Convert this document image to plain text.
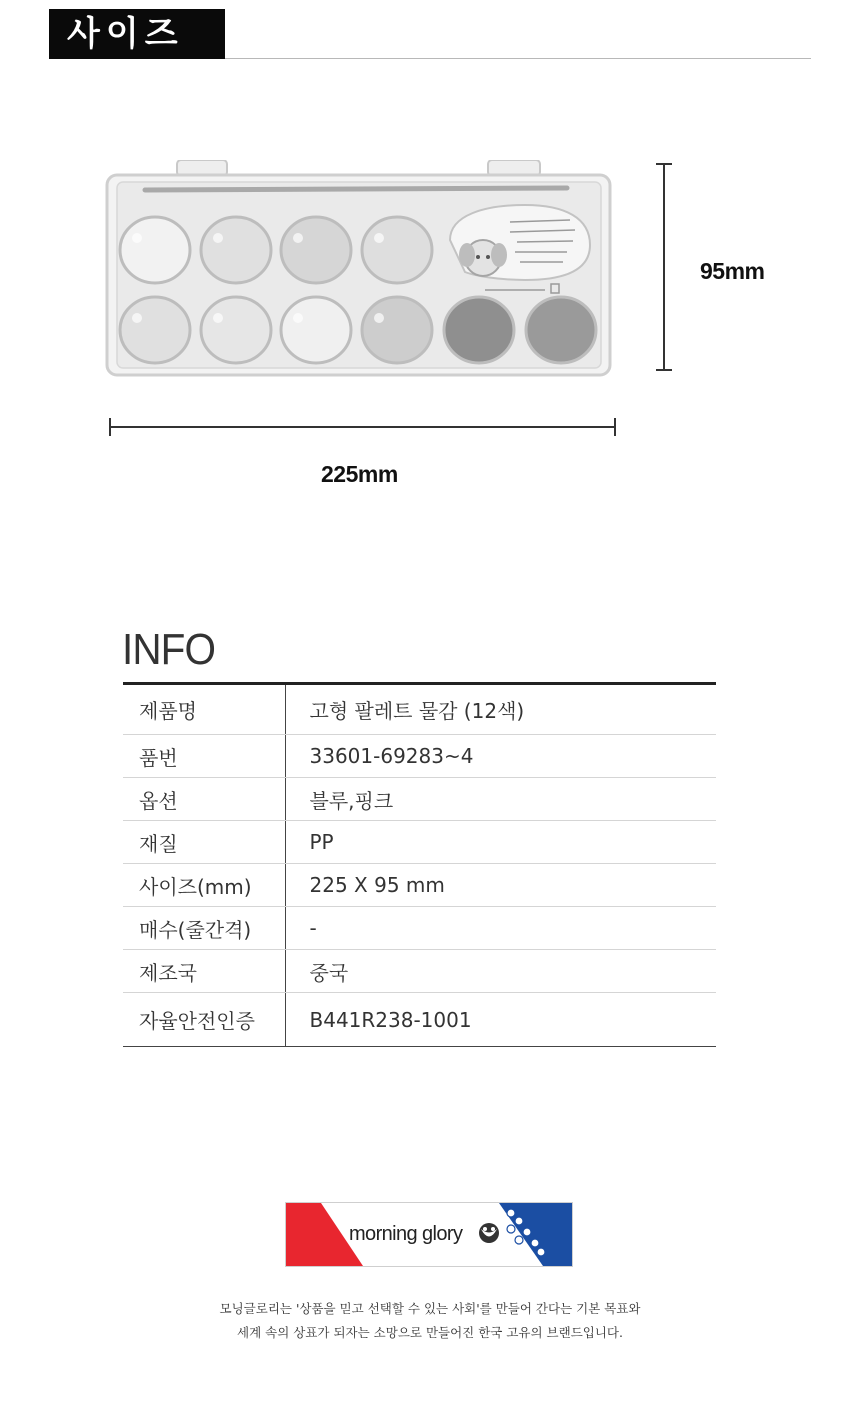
사이즈
95mm
225mm
INFO
제품명	고형 팔레트 물감 (12색)
품번	33601-69283~4
옵션	블루,핑크
재질	PP
사이즈(mm)	225 X 95 mm
매수(줄간격)	-
제조국	중국
자율안전인증	B441R238-1001
morning glory
모닝글로리는 '상품을 믿고 선택할 수 있는 사회'를 만들어 간다는 기본 목표와
세계 속의 상표가 되자는 소망으로 만들어진 한국 고유의 브랜드입니다.
